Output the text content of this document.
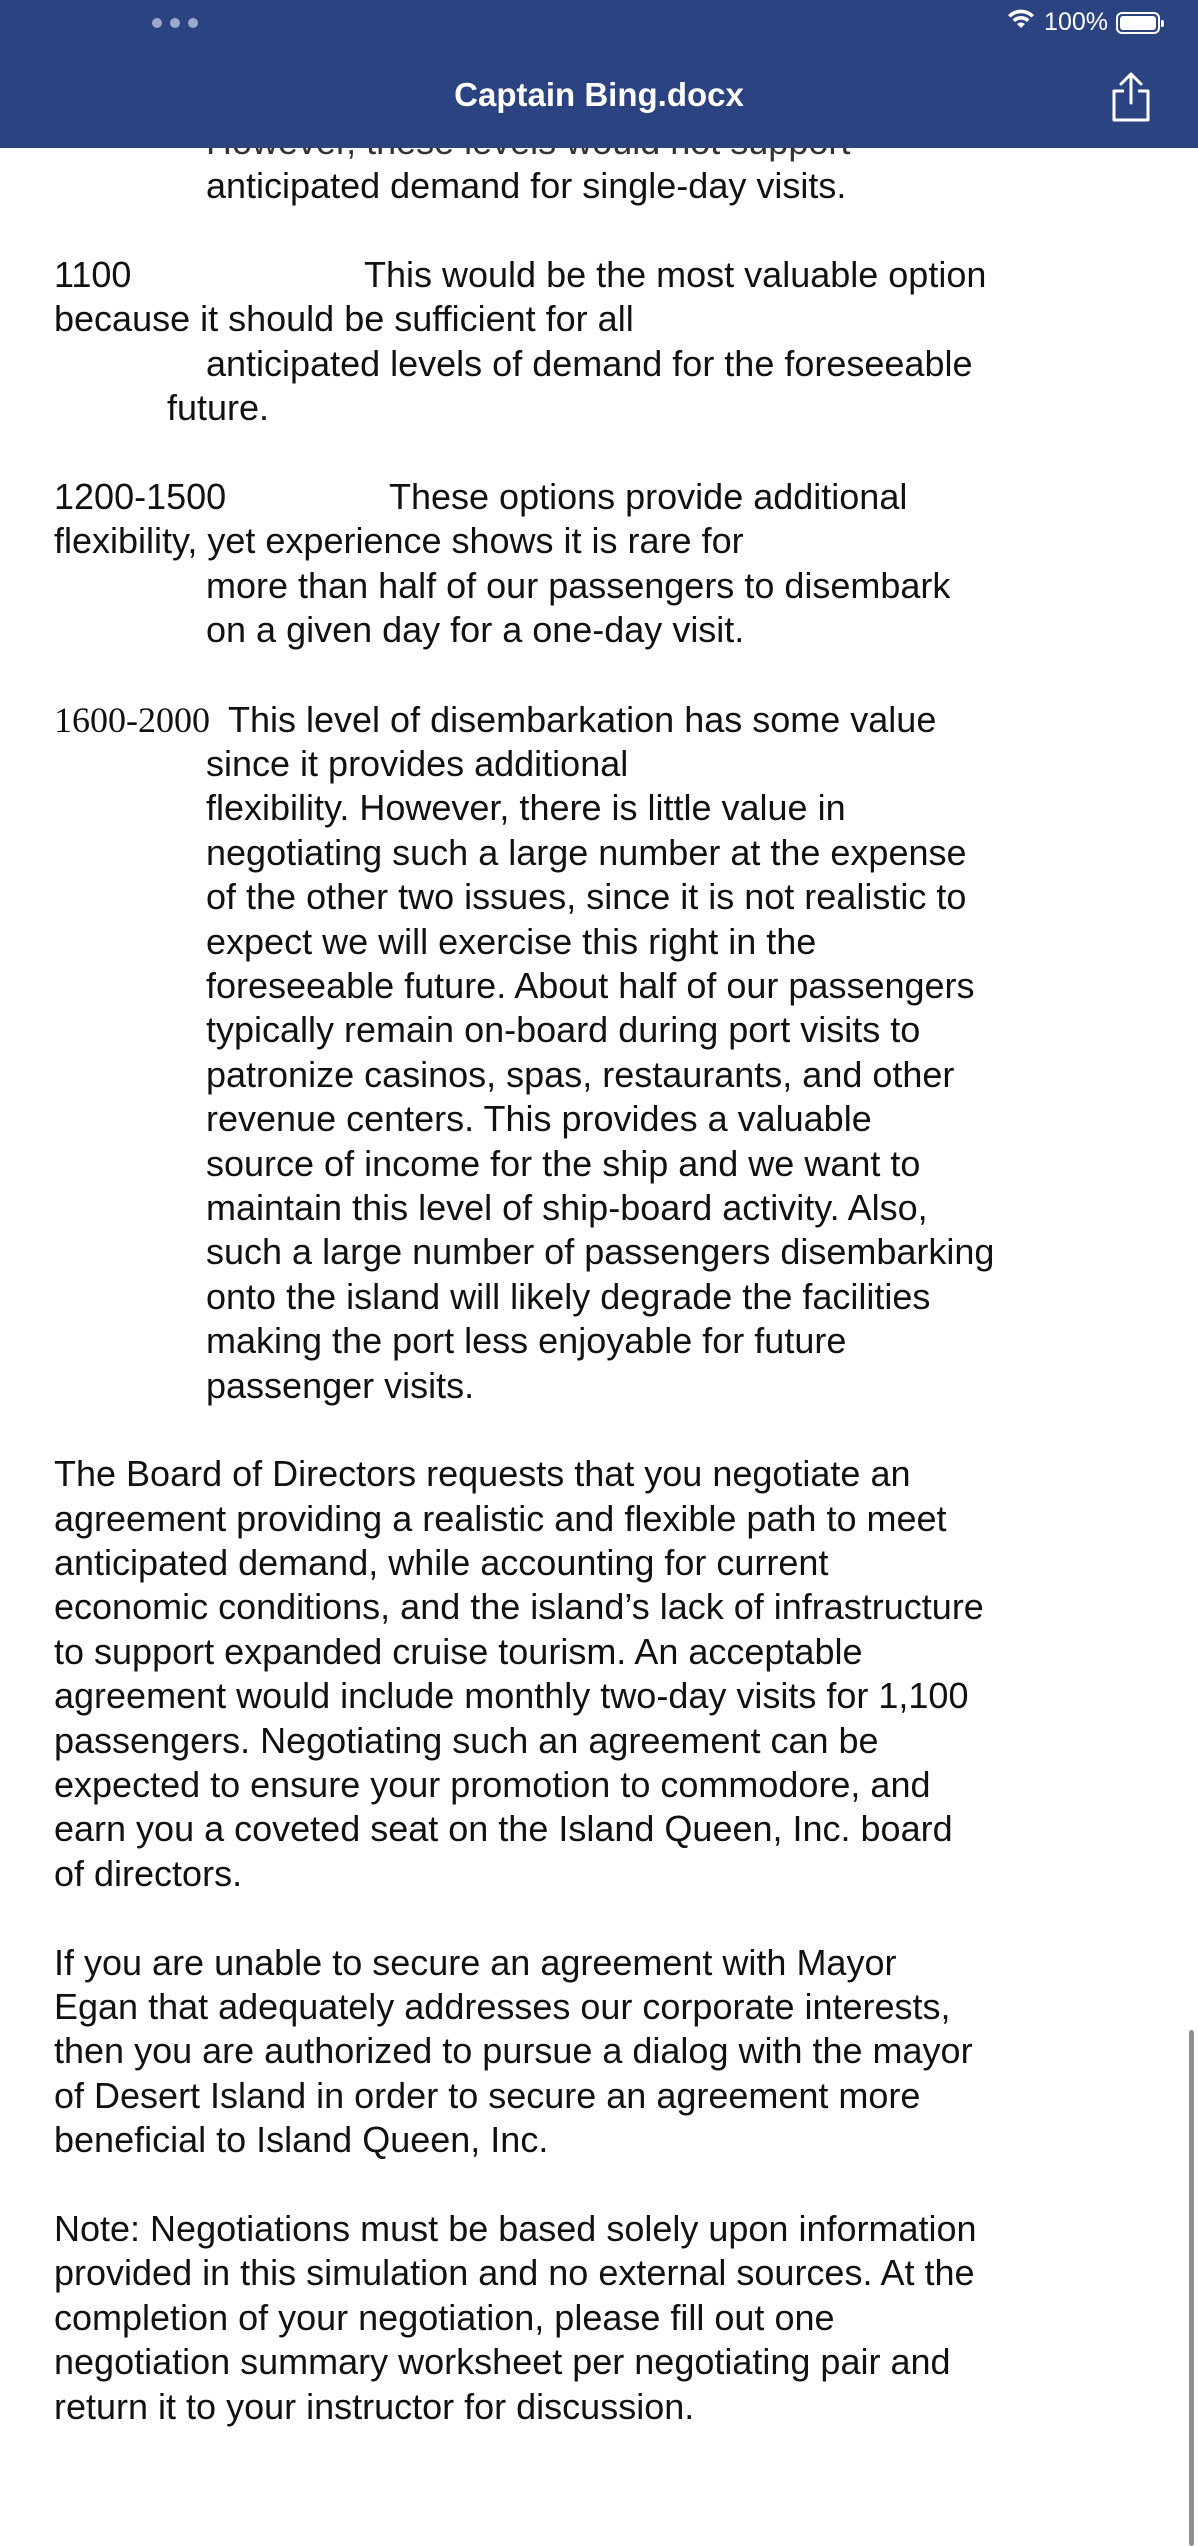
anticipated demand for single-day visits.
1100	This would be the most valuable option
because it should be sufficient for all
anticipated levels of demand for the foreseeable
future.
1200-1500	These options provide additional
flexibility, yet experience shows it is rare for
more than half of our passengers to disembark
on a given day for a one-day visit.
1600-2000 This level of disembarkation has some value
since it provides additional
flexibility. However, there is little value in
negotiating such a large number at the expense
of the other two issues, since it is not realistic to
expect we will exercise this right in the
foreseeable future. About half of our passengers
typically remain on-board during port visits to
patronize casinos, spas, restaurants, and other
revenue centers. This provides a valuable
source of income for the ship and we want to
maintain this level of ship-board activity. Also,
such a large number of passengers disembarking
onto the island will likely degrade the facilities
making the port less enjoyable for future
passenger visits.
The Board of Directors requests that you negotiate an
agreement providing a realistic and flexible path to meet
anticipated demand, while accounting for current
economic conditions, and the island’s lack of infrastructure
to support expanded cruise tourism. An acceptable
agreement would include monthly two-day visits for 1,100
passengers. Negotiating such an agreement can be
expected to ensure your promotion to commodore, and
earn you a coveted seat on the Island Queen, Inc. board
of directors.
If you are unable to secure an agreement with Mayor
Egan that adequately addresses our corporate interests,
then you are authorized to pursue a dialog with the mayor
of Desert Island in order to secure an agreement more
beneficial to Island Queen, Inc.
Note: Negotiations must be based solely upon information
provided in this simulation and no external sources. At the
completion of your negotiation, please fill out one
negotiation summary worksheet per negotiating pair and
return it to your instructor for discussion.
100%
Captain Bing.docx
